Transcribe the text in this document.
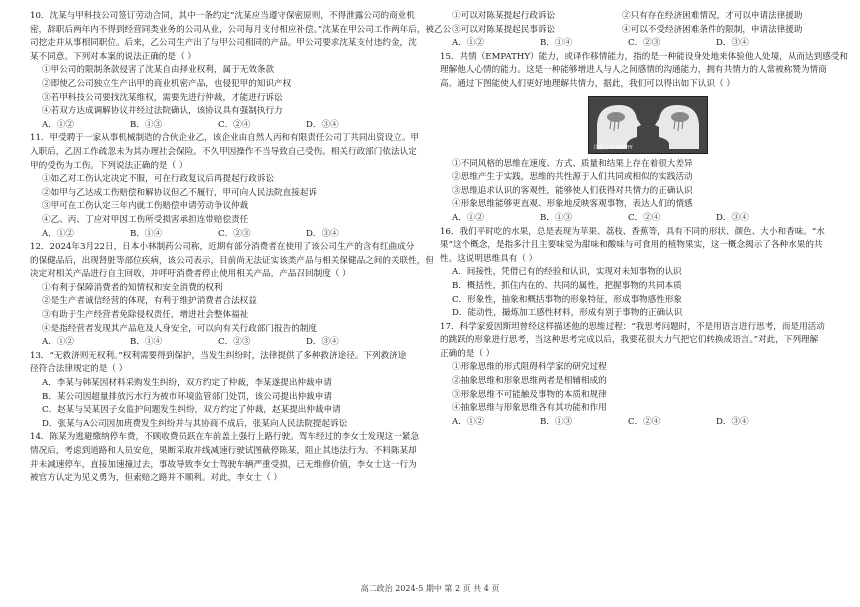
10．沈某与甲科技公司签订劳动合同，其中一条约定“沈某应当遵守保密原则，不得泄露公司的商业机
密，辞职后两年内不得到经营同类业务的公司从业，公司每月支付相应补偿。”沈某在甲公司工作两年后，被乙公
司挖走并从事相同职位。后来，乙公司生产出了与甲公司相同的产品。甲公司要求沈某支付违约金，沈
某不同意。下列对本案的说法正确的是（ ）
①甲公司的限制条款侵害了沈某自由择业权利，属于无效条款
②即使乙公司独立生产出甲的商业机密产品，也侵犯甲的知识产权
③若甲科技公司要找沈某维权，需要先进行仲裁，才能进行诉讼
④若双方达成调解协议并经过法院确认，该协议具有强制执行力
A．①②	B．①③	C．②④	D．③④
11．甲受聘于一家从事机械制造的合伙企业乙，该企业由自然人丙和有限责任公司丁共同出资设立。甲
入职后，乙因工作疏忽未为其办理社会保险。不久甲因操作不当导致自己受伤。相关行政部门依法认定
甲的受伤为工伤。下列说法正确的是（ ）
①如乙对工伤认定决定不服，可在行政复议后再提起行政诉讼
②如甲与乙达成工伤赔偿和解协议但乙不履行，甲可向人民法院直接起诉
③甲可在工伤认定三年内就工伤赔偿申请劳动争议仲裁
④乙、丙、丁应对甲因工伤所受损害承担连带赔偿责任
A．①②	B．①④	C．②③	D．③④
12．2024年3月22日，日本小林制药公司称，近期有部分消费者在使用了该公司生产的含有红曲成分
的保健品后，出现肾脏等部位疾病，该公司表示，目前尚无法证实该类产品与相关保健品之间的关联性，但
决定对相关产品进行自主回收，并呼吁消费者停止使用相关产品，产品召回制度（ ）
①有利于保障消费者的知情权和安全消费的权利
②是生产者诚信经营的体现，有利于维护消费者合法权益
③有助于生产经营者免除侵权责任，增进社会整体福祉
④是指经营者发现其产品危及人身安全，可以向有关行政部门报告的制度
A．①②	B．①④	C．②③	D．③④
13．“无救济则无权利。”权利需要得到保护，当发生纠纷时，法律提供了多种救济途径。下列救济途
径符合法律规定的是（ ）
A．李某与韩某因材料采购发生纠纷，双方约定了仲裁，李某遂提出仲裁申请
B．某公司因超量排放污水行为被市环境监管部门处罚，该公司提出仲裁申请
C．赵某与吴某因子女监护问题发生纠纷，双方约定了仲裁，赵某提出仲裁申请
D．张某与A公司因加班费发生纠纷并与其协商不成后，张某向人民法院提起诉讼
14．陈某为逃避缴纳停车费，不顾收费员跃在车前盖上强行上路行驶。驾车经过的李女士发现这一紧急
情况后，考虑到道路和人员安危，果断采取并线减速行驶试图截停陈某，阻止其违法行为。不料陈某却
并未减速停车，直接加速撞过去，事故导致李女士驾驶车辆严重受损，已无维修价值，李女士这一行为
被官方认定为见义勇为，但索赔之路并不顺利。对此，李女士（ ）
①可以对陈某提起行政诉讼	②只有存在经济困难情况，才可以申请法律援助
③可以对陈某提起民事诉讼	④可以不受经济困难条件的限制，申请法律援助
A．①②	B．①④	C．②③	D．③④
15．共情（EMPATHY）能力，或译作移情能力，指的是一种能设身处地来体验他人处境，从而达到感受和
理解他人心情的能力。这是一种能够增进人与人之间感情的沟通能力，拥有共情力的人常被称赞为情商
高。通过下图能使人们更好地理解共情力，据此，我们可以得出如下认识（ ）
共感力·EMPATHY
①不同风格的思维在速度、方式、质量和结果上存在着很大差异
②思维产生于实践，思维的共性源于人们共同或相似的实践活动
③思维追求认识的客观性，能够使人们获得对共情力的正确认识
④形象思维能够更直观、形象地反映客观事物，表达人们的情感
A．①②	B．①③	C．②④	D．③④
16．我们平时吃的水果，总是表现为苹果、荔枝、香蕉等，具有不同的形状、颜色、大小和香味。“水
果”这个概念，是指多汁且主要味觉为甜味和酸味与可食用的植物果实，这一概念揭示了各种水果的共
性。这说明思维具有（ ）
A．间接性，凭借已有的经验和认识，实现对未知事物的认识
B．概括性，抓住内在的、共同的属性，把握事物的共同本质
C．形象性，抽象和概括事物的形象特征，形成事物感性形象
D．能动性，撮炼加工感性材料，形成有别于事物的正确认识
17．科学家爱因斯坦曾经这样描述他的思维过程：“我思考问题时，不是用语言进行思考，而是用活动
的跳跃的形象进行思考，当这种思考完成以后，我要花很大力气把它们转换成语言。”对此，下列理解
正确的是（ ）
①形象思维的形式阻碍科学家的研究过程
②抽象思维和形象思维两者是相辅相成的
③形象思维不可能触及事物的本质和规律
④抽象思维与形象思维各有其功能和作用
A．①②	B．①③	C．②④	D．③④
高二政治 2024-5 期中 第 2 页 共 4 页
